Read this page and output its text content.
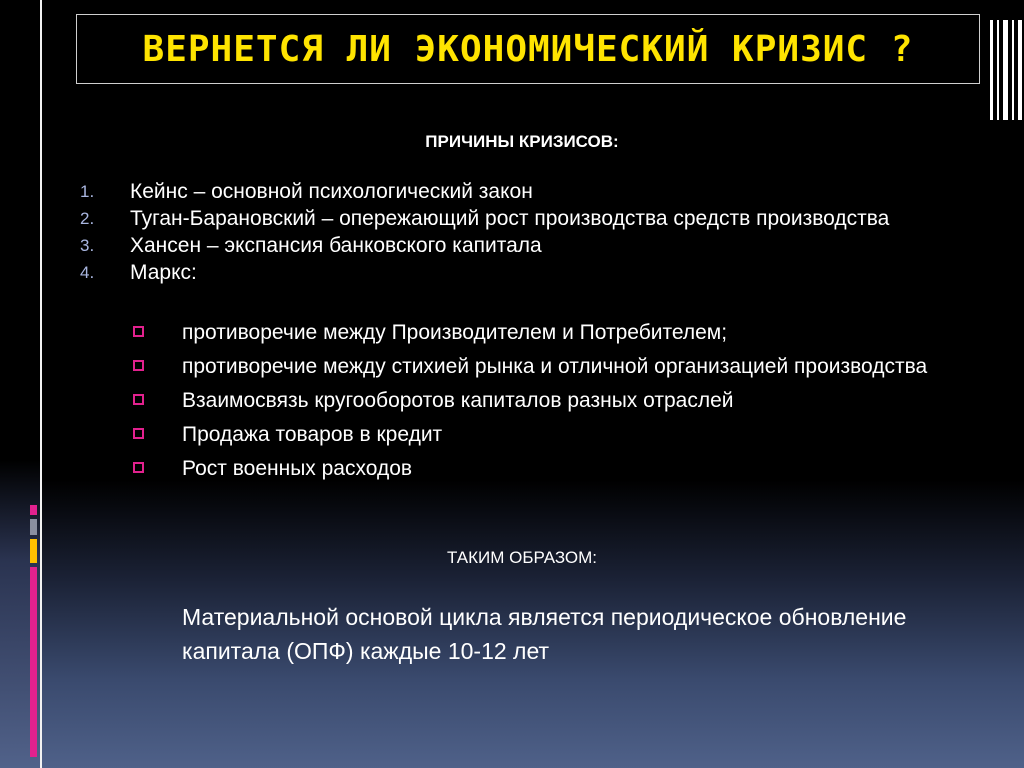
ВЕРНЕТСЯ ЛИ ЭКОНОМИЧЕСКИЙ КРИЗИС ?
ПРИЧИНЫ КРИЗИСОВ:
1. Кейнс – основной психологический закон
2. Туган-Барановский – опережающий рост производства средств производства
3. Хансен – экспансия банковского капитала
4. Маркс:
противоречие между Производителем и Потребителем;
противоречие между стихией рынка и отличной организацией производства
Взаимосвязь кругооборотов капиталов разных отраслей
Продажа товаров в кредит
Рост военных расходов
ТАКИМ ОБРАЗОМ:
Материальной основой цикла является периодическое обновление капитала (ОПФ) каждые 10-12 лет
